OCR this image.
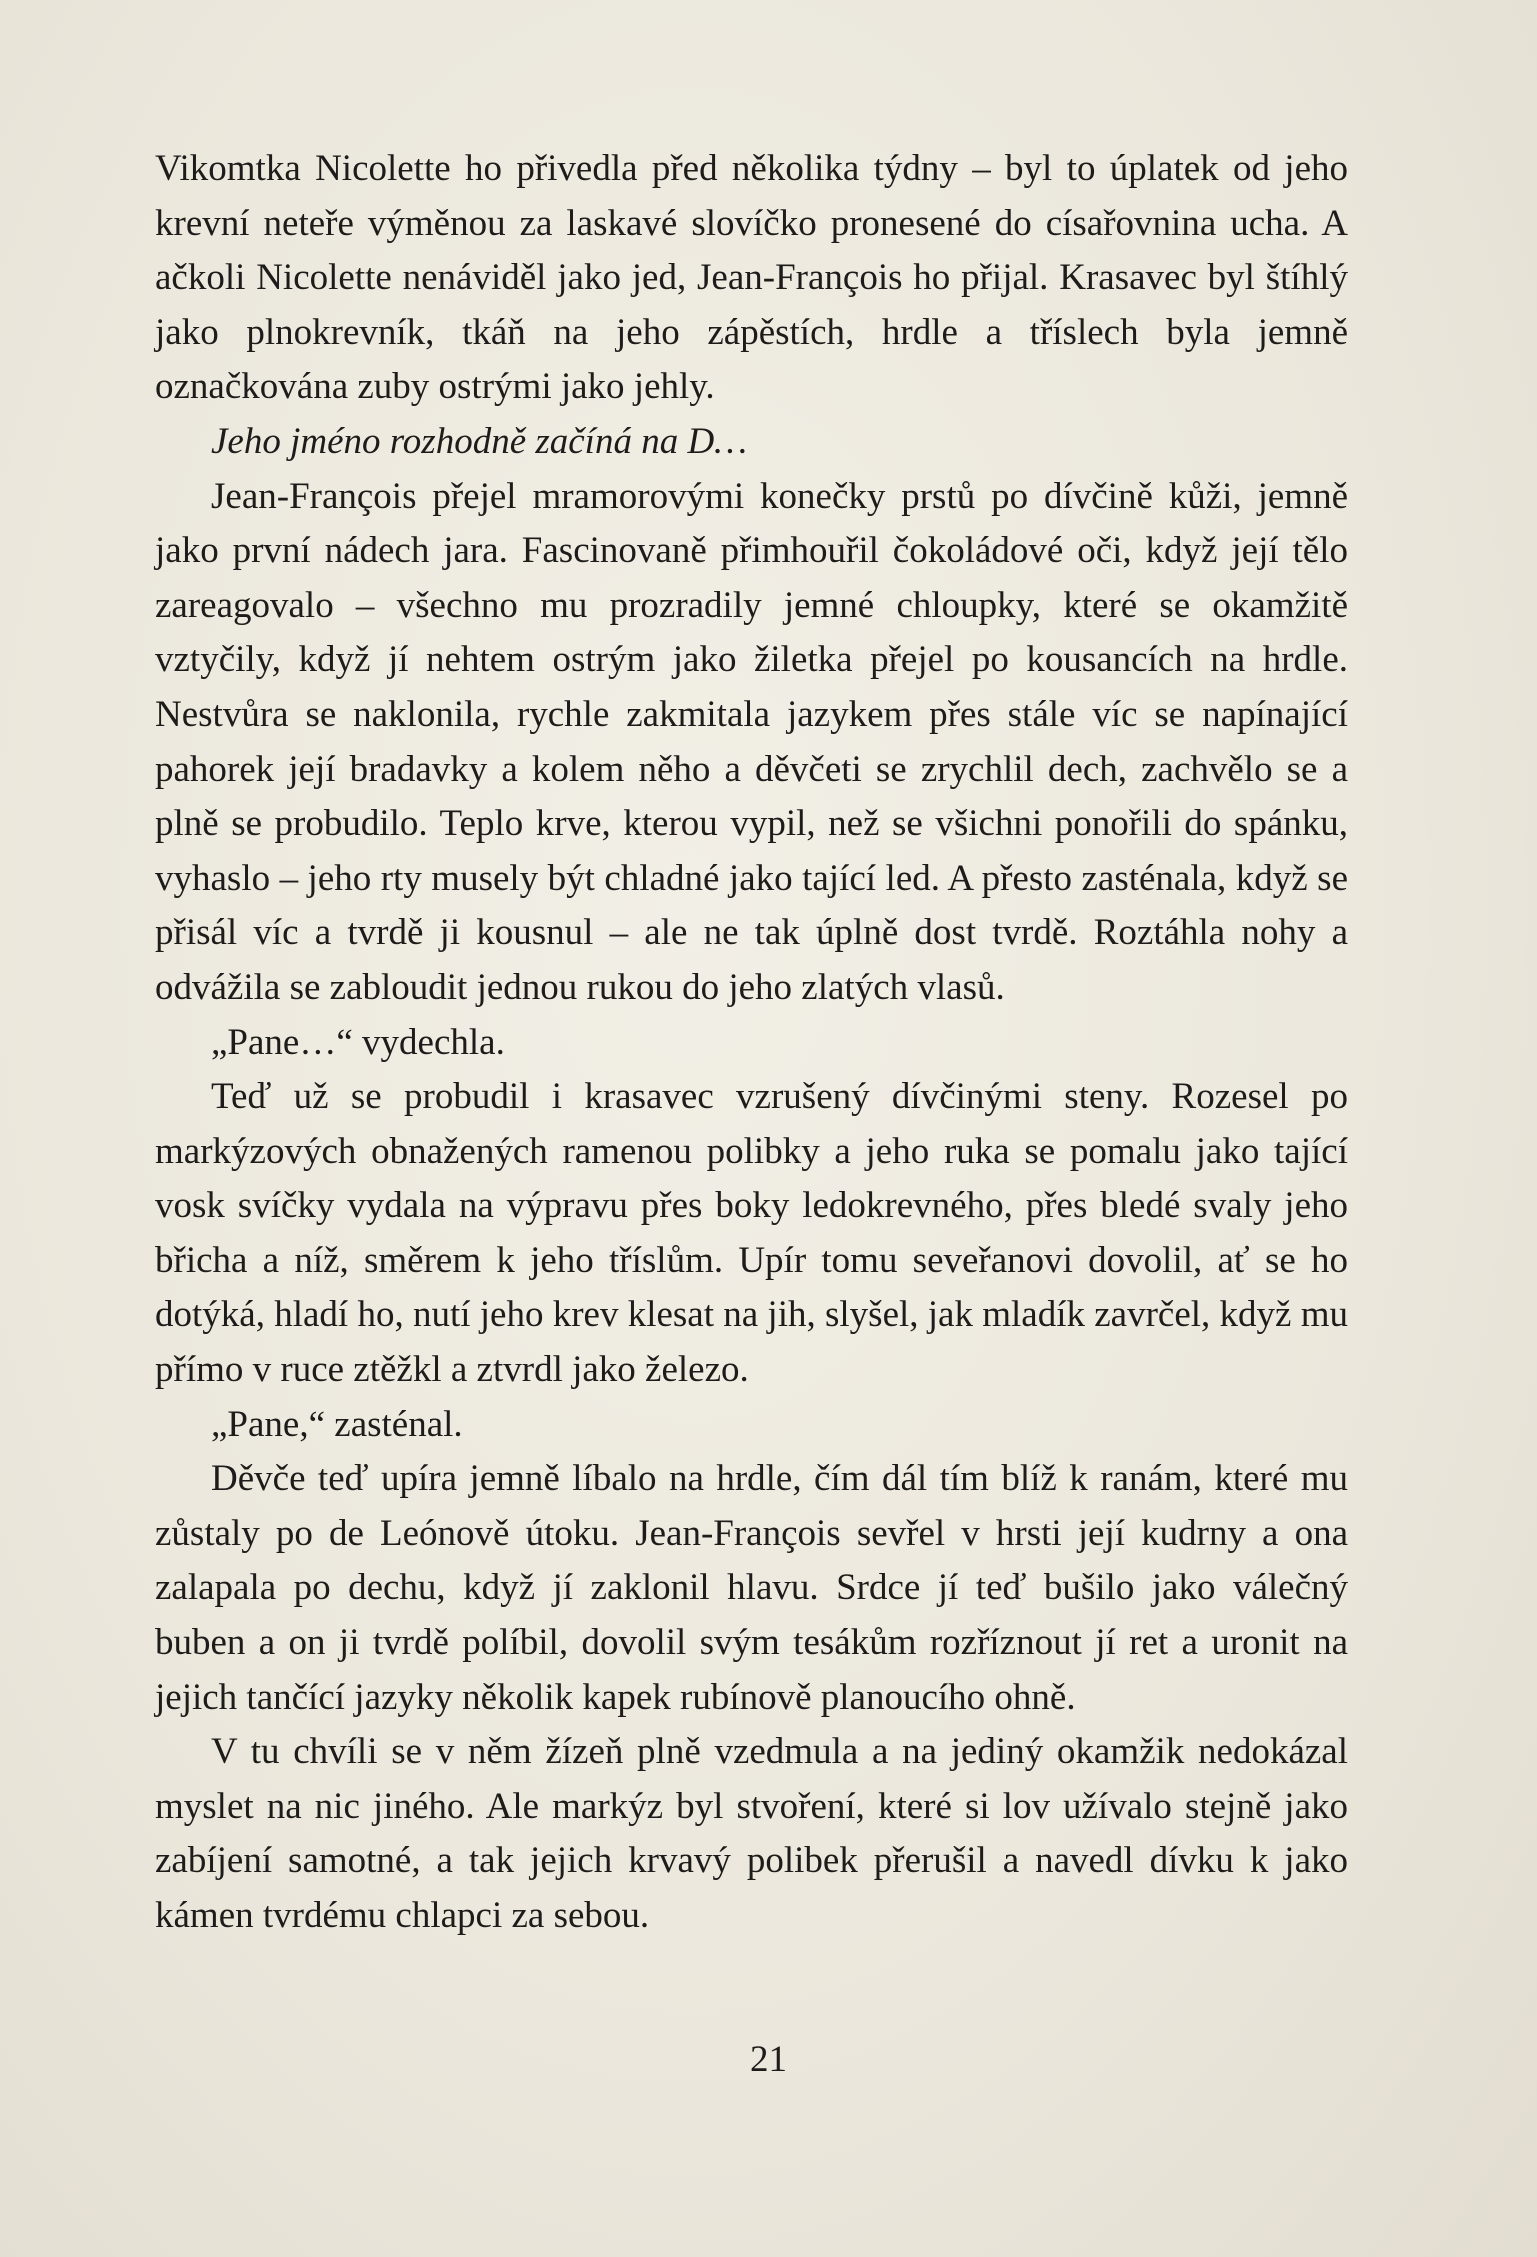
Vikomtka Nicolette ho přivedla před několika týdny – byl to úplatek od jeho krevní neteře výměnou za laskavé slovíčko pronesené do císařovnina ucha. A ačkoli Nicolette nenáviděl jako jed, Jean-François ho přijal. Krasavec byl štíhlý jako plnokrevník, tkáň na jeho zápěstích, hrdle a tříslech byla jemně označkována zuby ostrými jako jehly.

Jeho jméno rozhodně začíná na D…

Jean-François přejel mramorovými konečky prstů po dívčině kůži, jemně jako první nádech jara. Fascinovaně přimhouřil čokoládové oči, když její tělo zareagovalo – všechno mu prozradily jemné chloupky, které se okamžitě vztyčily, když jí nehtem ostrým jako žiletka přejel po kousancích na hrdle. Nestvůra se naklonila, rychle zakmitala jazykem přes stále víc se napínající pahorek její bradavky a kolem něho a děvčeti se zrychlil dech, zachvělo se a plně se probudilo. Teplo krve, kterou vypil, než se všichni ponořili do spánku, vyhaslo – jeho rty musely být chladné jako tající led. A přesto zasténala, když se přisál víc a tvrdě ji kousnul – ale ne tak úplně dost tvrdě. Roztáhla nohy a odvážila se zabloudit jednou rukou do jeho zlatých vlasů.

„Pane…“ vydechla.

Teď už se probudil i krasavec vzrušený dívčinými steny. Rozesel po markýzových obnažených ramenou polibky a jeho ruka se pomalu jako tající vosk svíčky vydala na výpravu přes boky ledokrevného, přes bledé svaly jeho břicha a níž, směrem k jeho tříslům. Upír tomu seveřanovi dovolil, ať se ho dotýká, hladí ho, nutí jeho krev klesat na jih, slyšel, jak mladík zavrčel, když mu přímo v ruce ztěžkl a ztvrdl jako železo.

„Pane,“ zasténal.

Děvče teď upíra jemně líbalo na hrdle, čím dál tím blíž k ranám, které mu zůstaly po de Leónově útoku. Jean-François sevřel v hrsti její kudrny a ona zalapala po dechu, když jí zaklonil hlavu. Srdce jí teď bušilo jako válečný buben a on ji tvrdě políbil, dovolil svým tesákům rozříznout jí ret a uronit na jejich tančící jazyky několik kapek rubínově planoucího ohně.

V tu chvíli se v něm žízeň plně vzedmula a na jediný okamžik nedokázal myslet na nic jiného. Ale markýz byl stvoření, které si lov užívalo stejně jako zabíjení samotné, a tak jejich krvavý polibek přerušil a navedl dívku k jako kámen tvrdému chlapci za sebou.

21
